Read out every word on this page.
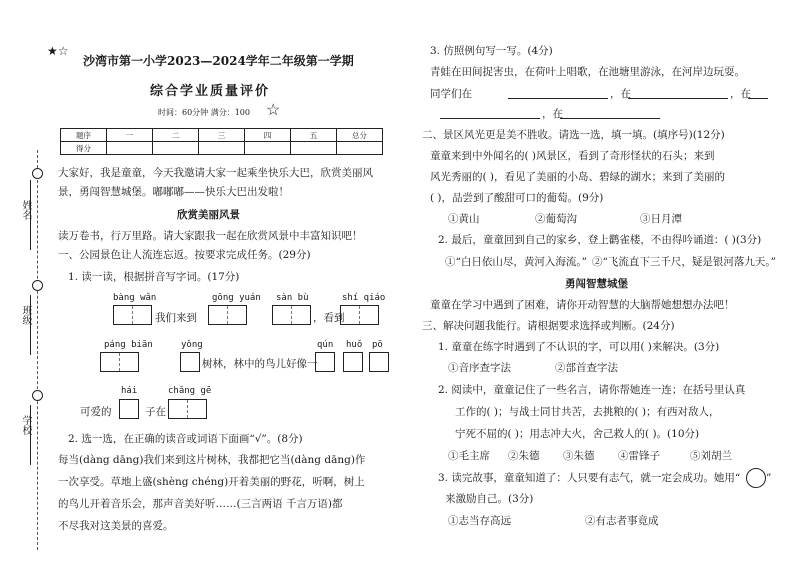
★☆
沙湾市第一小学2023—2024学年二年级第一学期
综合学业质量评价
时间：60分钟 满分：100 ☆
题序	一	二	三	四	五	总分
得分						
姓名
班级
学校
大家好，我是童童，今天我邀请大家一起乘坐快乐大巴，欣赏美丽风
景，勇闯智慧城堡。嘟嘟嘟——快乐大巴出发啦！
欣赏美丽风景
读万卷书，行万里路。请大家跟我一起在欣赏风景中丰富知识吧！
一、公园景色让人流连忘返。按要求完成任务。(29分)
1. 读一读，根据拼音写字词。(17分)
bàng wǎn	gōng yuán sàn bù	shí qiáo
我们来到	，看到
páng biān	yǒng	qún huǒ pō
树林，林中的鸟儿好像一
hái	chǎng gē
可爱的	子在
2. 选一选，在正确的读音或词语下面画“√”。(8分)
每当(dàng dāng)我们来到这片树林，我都把它当(dàng dāng)作
一次享受。草地上盛(shèng chéng)开着美丽的野花，听啊，树上
的鸟儿开着音乐会，那声音美好听……(三言两语 千言万语)都
不尽我对这美景的喜爱。
3. 仿照例句写一写。(4分)
青蛙在田间捉害虫，在荷叶上唱歌，在池塘里游泳，在河岸边玩耍。
同学们在	，在	，在
，在
二、景区风光更是美不胜收。请选一选，填一填。(填序号)(12分)
童童来到中外闻名的( )风景区，看到了奇形怪状的石头；来到
风光秀丽的( )，看见了美丽的小岛、碧绿的湖水；来到了美丽的
( )，品尝到了酸甜可口的葡萄。(9分)
①黄山	②葡萄沟	③日月潭
2. 最后，童童回到自己的家乡，登上鹳雀楼，不由得吟诵道：( )(3分)
①“白日依山尽，黄河入海流。” ②“飞流直下三千尺，疑是银河落九天。”
勇闯智慧城堡
童童在学习中遇到了困难，请你开动智慧的大脑帮她想想办法吧！
三、解决问题我能行。请根据要求选择或判断。(24分)
1. 童童在练字时遇到了不认识的字，可以用( )来解决。(3分)
①音序查字法	②部首查字法
2. 阅读中，童童记住了一些名言，请你帮她连一连；在括号里认真
工作的( )；与战士同甘共苦，去挑粮的( )；有西对敌人，
宁死不屈的( )；用志冲大火，舍己救人的( )。(10分)
①毛主席 ②朱德 ③朱德 ④雷锋子	⑤刘胡兰
3. 读完故事，童童知道了：人只要有志气，就一定会成功。她用“ ”
来激励自己。(3分)
①志当存高远	②有志者事竟成
